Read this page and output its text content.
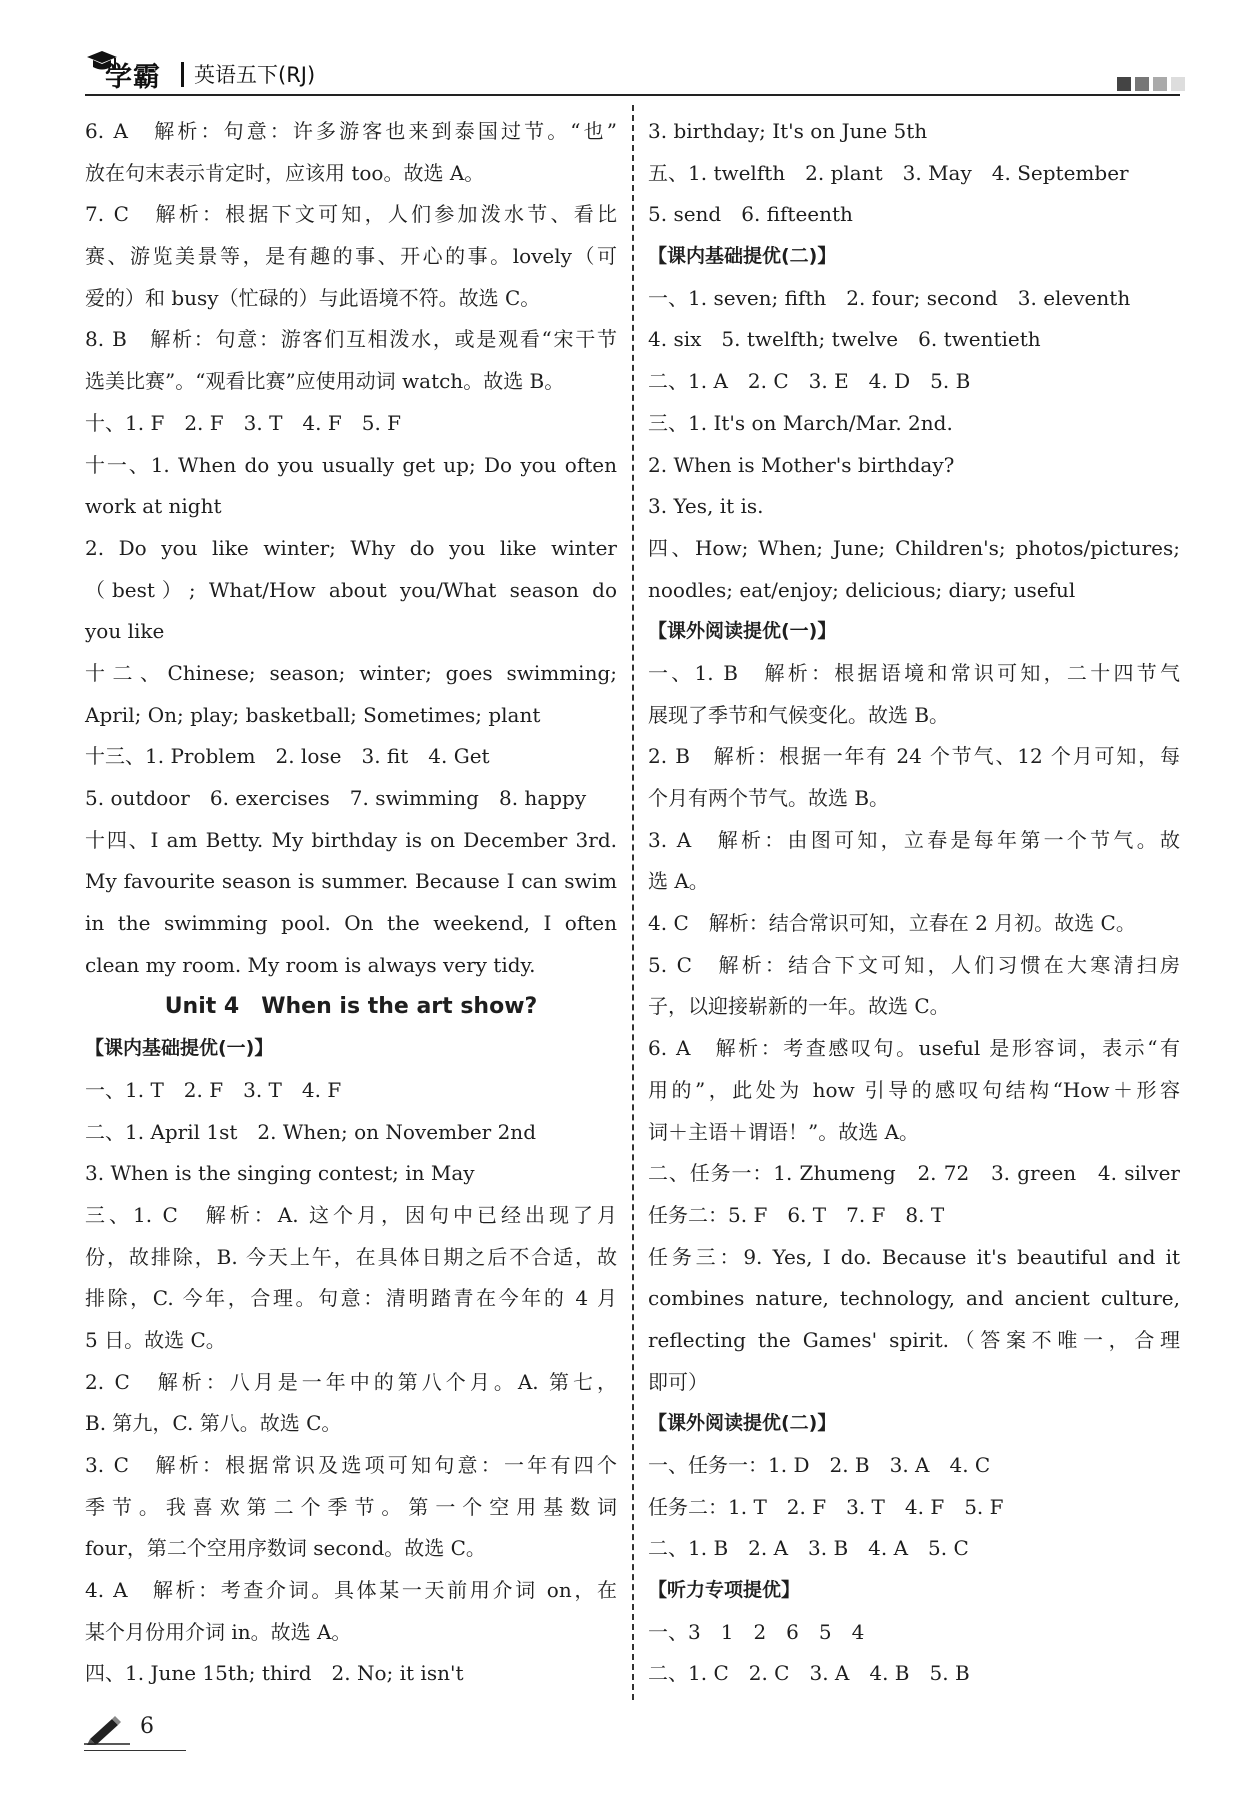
学霸 英语五下(RJ)
6. A　解析：句意：许多游客也来到泰国过节。“也”
放在句末表示肯定时，应该用 too。故选 A。
7. C　解析：根据下文可知，人们参加泼水节、看比
赛、游览美景等，是有趣的事、开心的事。lovely（可
爱的）和 busy（忙碌的）与此语境不符。故选 C。
8. B　解析：句意：游客们互相泼水，或是观看“宋干节
选美比赛”。“观看比赛”应使用动词 watch。故选 B。
十、1. F　2. F　3. T　4. F　5. F
十一、1. When do you usually get up; Do you often
work at night
2. Do you like winter; Why do you like winter
（best）; What/How about you/What season do
you like
十二、Chinese; season; winter; goes swimming;
April; On; play; basketball; Sometimes; plant
十三、1. Problem　2. lose　3. fit　4. Get
5. outdoor　6. exercises　7. swimming　8. happy
十四、I am Betty. My birthday is on December 3rd.
My favourite season is summer. Because I can swim
in the swimming pool. On the weekend, I often
clean my room. My room is always very tidy.
Unit 4　When is the art show?
【课内基础提优(一)】
一、1. T　2. F　3. T　4. F
二、1. April 1st　2. When; on November 2nd
3. When is the singing contest; in May
三、1. C　解析：A. 这个月，因句中已经出现了月
份，故排除，B. 今天上午，在具体日期之后不合适，故
排除，C. 今年，合理。句意：清明踏青在今年的 4 月
5 日。故选 C。
2. C　解析：八月是一年中的第八个月。A. 第七，
B. 第九，C. 第八。故选 C。
3. C　解析：根据常识及选项可知句意：一年有四个
季节。我喜欢第二个季节。第一个空用基数词
four，第二个空用序数词 second。故选 C。
4. A　解析：考查介词。具体某一天前用介词 on，在
某个月份用介词 in。故选 A。
四、1. June 15th; third　2. No; it isn't
3. birthday; It's on June 5th
五、1. twelfth　2. plant　3. May　4. September
5. send　6. fifteenth
【课内基础提优(二)】
一、1. seven; fifth　2. four; second　3. eleventh
4. six　5. twelfth; twelve　6. twentieth
二、1. A　2. C　3. E　4. D　5. B
三、1. It's on March/Mar. 2nd.
2. When is Mother's birthday?
3. Yes, it is.
四、How; When; June; Children's; photos/pictures;
noodles; eat/enjoy; delicious; diary; useful
【课外阅读提优(一)】
一、1. B　解析：根据语境和常识可知，二十四节气
展现了季节和气候变化。故选 B。
2. B　解析：根据一年有 24 个节气、12 个月可知，每
个月有两个节气。故选 B。
3. A　解析：由图可知，立春是每年第一个节气。故
选 A。
4. C　解析：结合常识可知，立春在 2 月初。故选 C。
5. C　解析：结合下文可知，人们习惯在大寒清扫房
子，以迎接崭新的一年。故选 C。
6. A　解析：考查感叹句。useful 是形容词，表示“有
用的”，此处为 how 引导的感叹句结构“How＋形容
词＋主语＋谓语！”。故选 A。
二、任务一：1. Zhumeng　2. 72　3. green　4. silver
任务二：5. F　6. T　7. F　8. T
任务三：9. Yes, I do. Because it's beautiful and it
combines nature, technology, and ancient culture,
reflecting the Games' spirit.（答案不唯一，合理
即可）
【课外阅读提优(二)】
一、任务一：1. D　2. B　3. A　4. C
任务二：1. T　2. F　3. T　4. F　5. F
二、1. B　2. A　3. B　4. A　5. C
【听力专项提优】
一、3　1　2　6　5　4
二、1. C　2. C　3. A　4. B　5. B
6
